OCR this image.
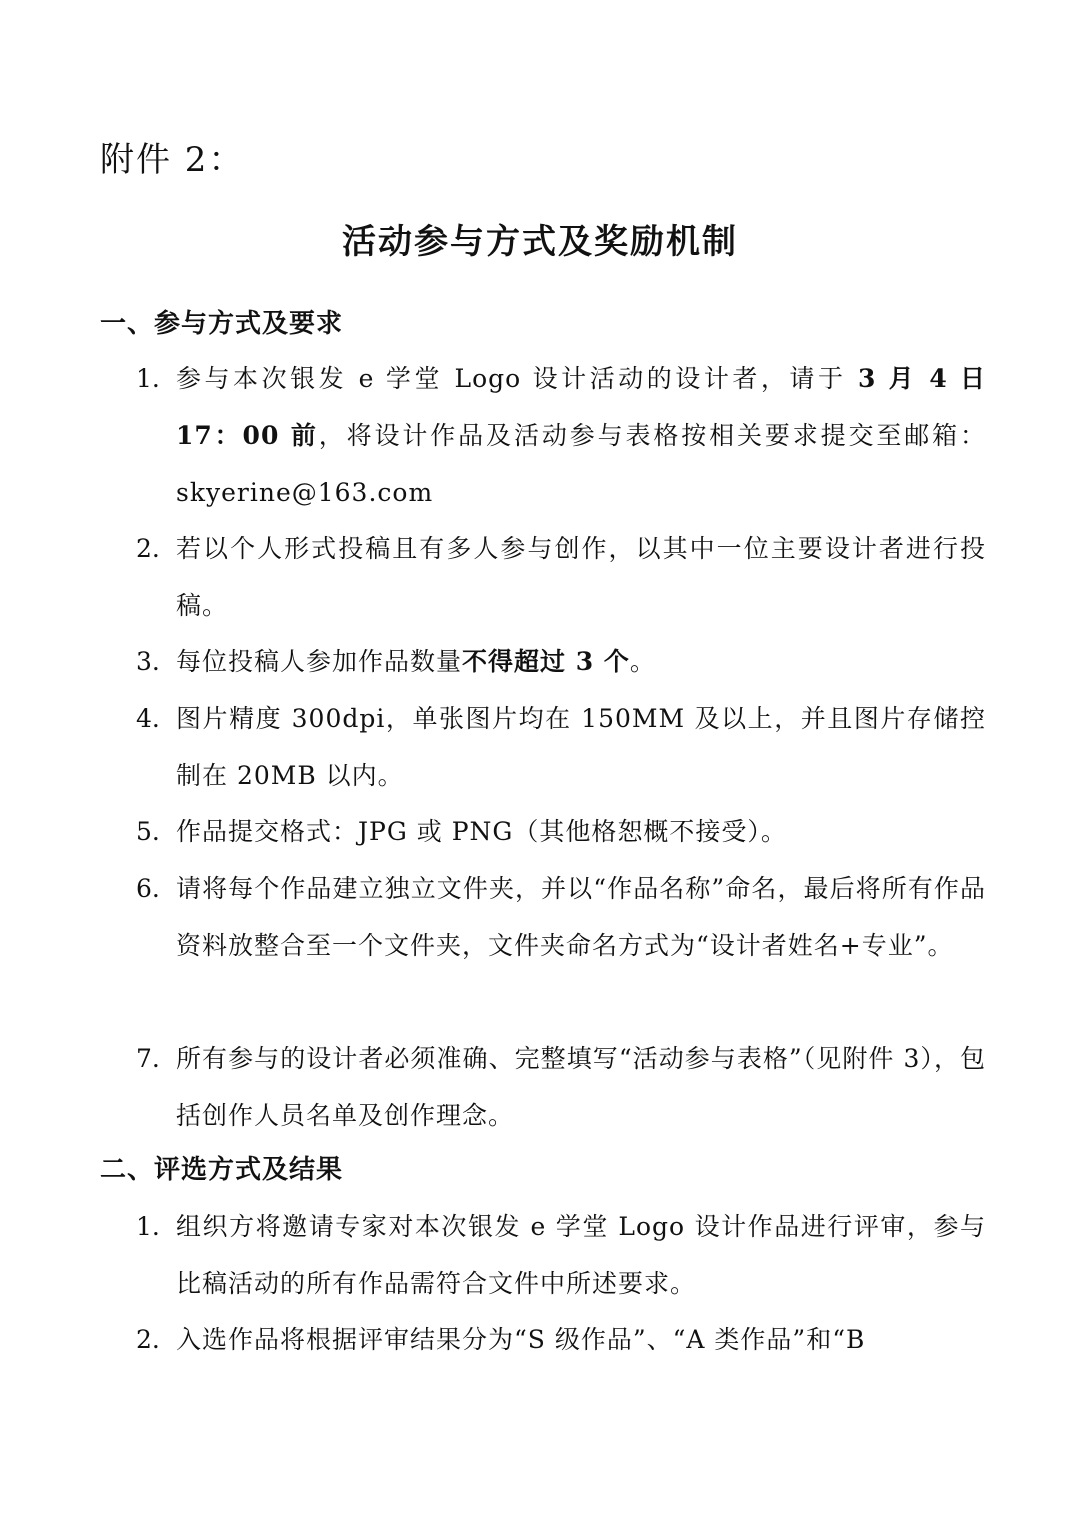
附件 2：
活动参与方式及奖励机制
一、参与方式及要求
1. 参与本次银发 e 学堂 Logo 设计活动的设计者，请于 3 月 4 日 17：00 前，将设计作品及活动参与表格按相关要求提交至邮箱：skyerine@163.com
2. 若以个人形式投稿且有多人参与创作，以其中一位主要设计者进行投稿。
3. 每位投稿人参加作品数量不得超过 3 个。
4. 图片精度 300dpi，单张图片均在 150MM 及以上，并且图片存储控制在 20MB 以内。
5. 作品提交格式：JPG 或 PNG（其他格恕概不接受）。
6. 请将每个作品建立独立文件夹，并以“作品名称”命名，最后将所有作品资料放整合至一个文件夹，文件夹命名方式为“设计者姓名+专业”。
7. 所有参与的设计者必须准确、完整填写“活动参与表格”（见附件 3），包括创作人员名单及创作理念。
二、评选方式及结果
1. 组织方将邀请专家对本次银发 e 学堂 Logo 设计作品进行评审，参与比稿活动的所有作品需符合文件中所述要求。
2. 入选作品将根据评审结果分为“S 级作品”、“A 类作品”和“B
